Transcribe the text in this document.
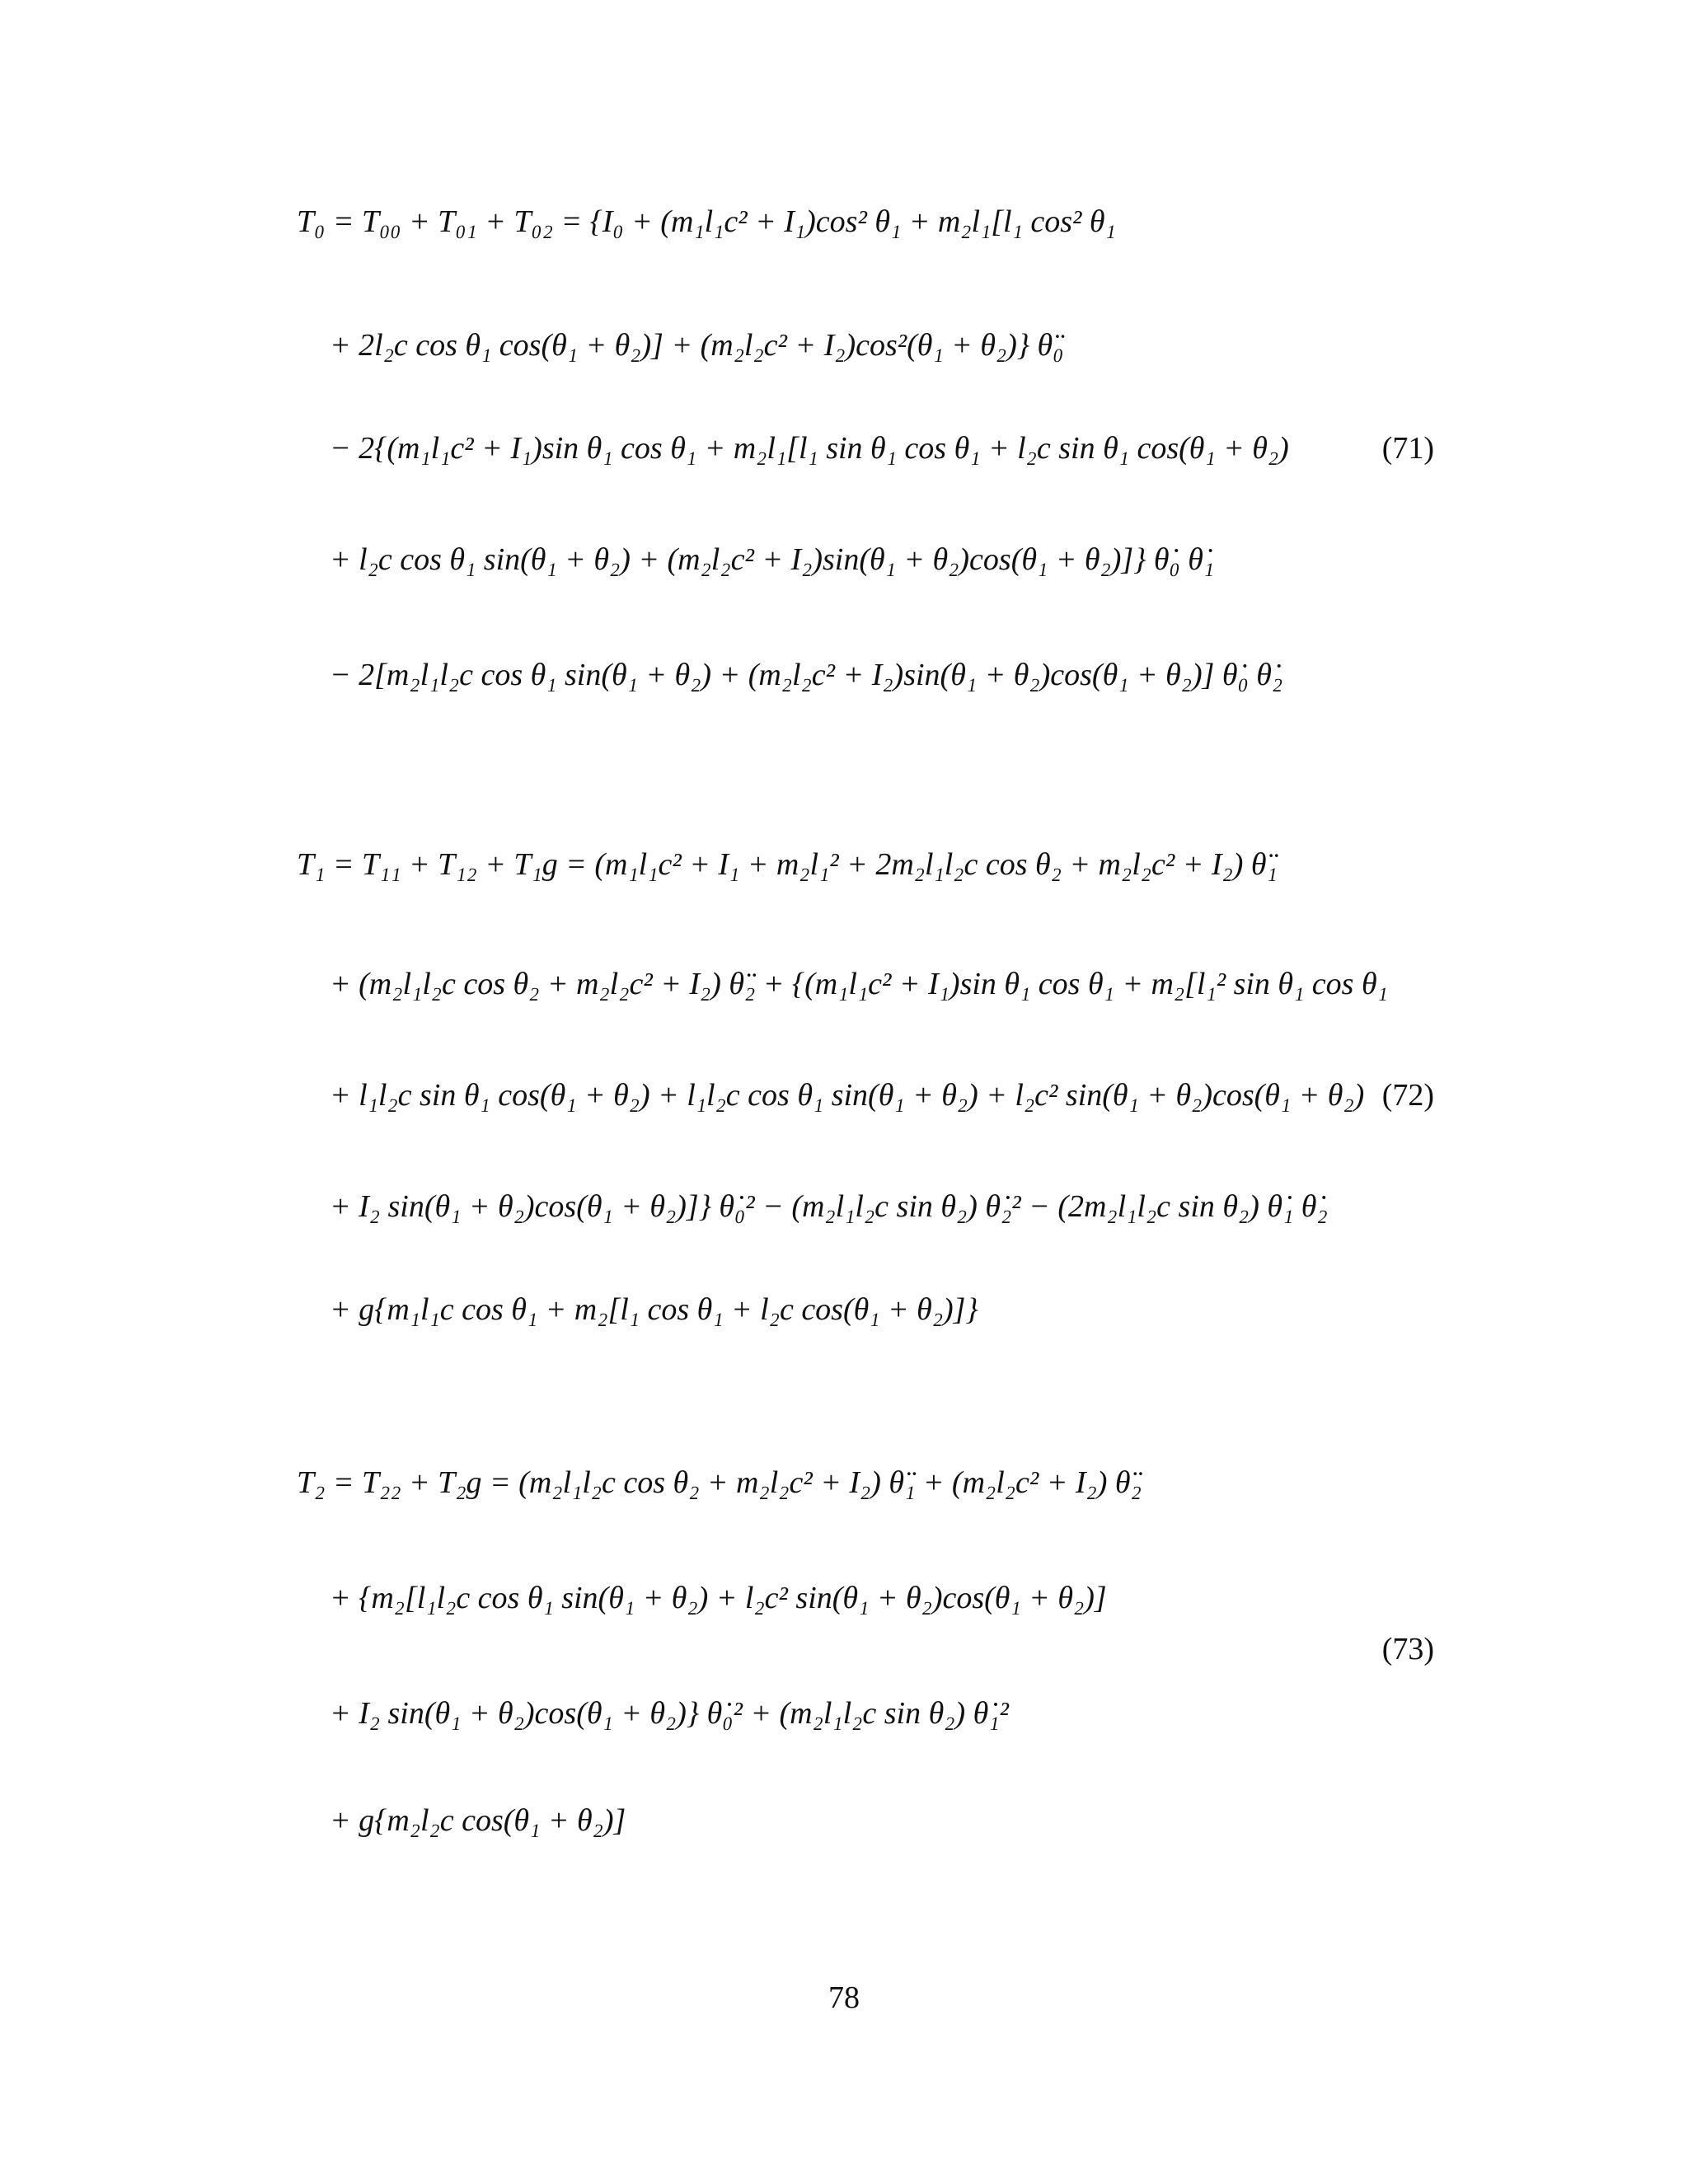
T₀ = T₀₀ + T₀₁ + T₀₂ = {I₀ + (m₁l₁c² + I₁)cos² θ₁ + m₂l₁[l₁ cos² θ₁
+ 2l₂c cos θ₁ cos(θ₁ + θ₂)] + (m₂l₂c² + I₂)cos²(θ₁ + θ₂)} θ̈₀
− 2{(m₁l₁c² + I₁)sin θ₁ cos θ₁ + m₂l₁[l₁ sin θ₁ cos θ₁ + l₂c sin θ₁ cos(θ₁ + θ₂)
+ l₂c cos θ₁ sin(θ₁ + θ₂) + (m₂l₂c² + I₂)sin(θ₁ + θ₂)cos(θ₁ + θ₂)]} θ̇₀ θ̇₁
− 2[m₂l₁l₂c cos θ₁ sin(θ₁ + θ₂) + (m₂l₂c² + I₂)sin(θ₁ + θ₂)cos(θ₁ + θ₂)] θ̇₀ θ̇₂
(71)
T₁ = T₁₁ + T₁₂ + T₁g = (m₁l₁c² + I₁ + m₂l₁² + 2m₂l₁l₂c cos θ₂ + m₂l₂c² + I₂) θ̈₁
+ (m₂l₁l₂c cos θ₂ + m₂l₂c² + I₂) θ̈₂ + {(m₁l₁c² + I₁)sin θ₁ cos θ₁ + m₂[l₁² sin θ₁ cos θ₁
+ l₁l₂c sin θ₁ cos(θ₁ + θ₂) + l₁l₂c cos θ₁ sin(θ₁ + θ₂) + l₂c² sin(θ₁ + θ₂)cos(θ₁ + θ₂)
+ I₂ sin(θ₁ + θ₂)cos(θ₁ + θ₂)]} θ̇₀² − (m₂l₁l₂c sin θ₂) θ̇₂² − (2m₂l₁l₂c sin θ₂) θ̇₁ θ̇₂
+ g{m₁l₁c cos θ₁ + m₂[l₁ cos θ₁ + l₂c cos(θ₁ + θ₂)]}
(72)
T₂ = T₂₂ + T₂g = (m₂l₁l₂c cos θ₂ + m₂l₂c² + I₂) θ̈₁ + (m₂l₂c² + I₂) θ̈₂
+ {m₂[l₁l₂c cos θ₁ sin(θ₁ + θ₂) + l₂c² sin(θ₁ + θ₂)cos(θ₁ + θ₂)]
+ I₂ sin(θ₁ + θ₂)cos(θ₁ + θ₂)} θ̇₀² + (m₂l₁l₂c sin θ₂) θ̇₁²
+ g{m₂l₂c cos(θ₁ + θ₂)]
(73)
78
